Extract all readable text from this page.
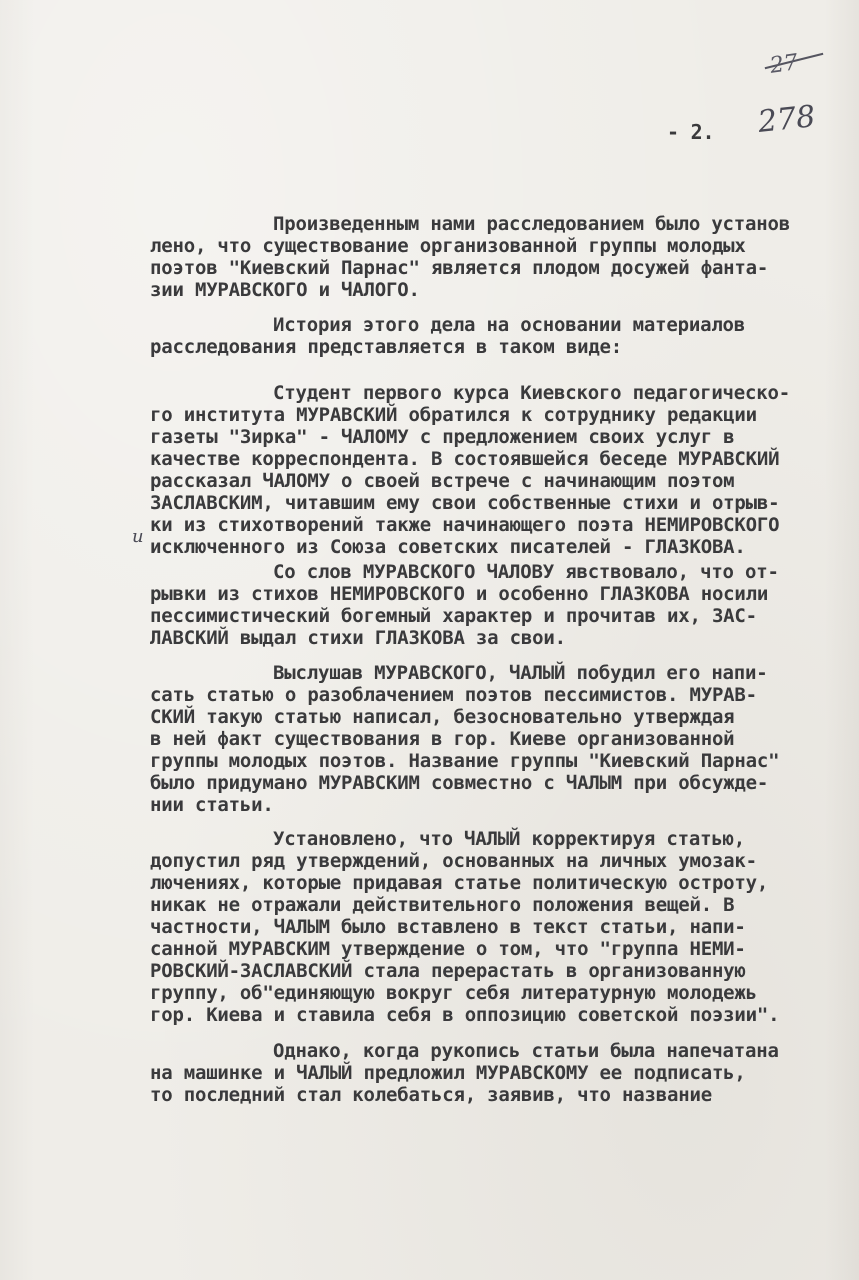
27
278
- 2.
Произведенным нами расследованием было установ
лено, что существование организованной группы молодых
поэтов "Киевский Парнас" является плодом досужей фанта-
зии МУРАВСКОГО и ЧАЛОГО.
История этого дела на основании материалов
расследования представляется в таком виде:
Студент первого курса Киевского педагогическо-
го института МУРАВСКИЙ обратился к сотруднику редакции
газеты "Зирка" - ЧАЛОМУ с предложением своих услуг в
качестве корреспондента. В состоявшейся беседе МУРАВСКИЙ
рассказал ЧАЛОМУ о своей встрече с начинающим поэтом
ЗАСЛАВСКИМ, читавшим ему свои собственные стихи и отрыв-
ки из стихотворений также начинающего поэта НЕМИРОВСКОГО
исключенного из Союза советских писателей - ГЛАЗКОВА.
Со слов МУРАВСКОГО ЧАЛОВУ явствовало, что от-
рывки из стихов НЕМИРОВСКОГО и особенно ГЛАЗКОВА носили
пессимистический богемный характер и прочитав их, ЗАС-
ЛАВСКИЙ выдал стихи ГЛАЗКОВА за свои.
Выслушав МУРАВСКОГО, ЧАЛЫЙ побудил его напи-
сать статью о разоблачением поэтов пессимистов. МУРАВ-
СКИЙ такую статью написал, безосновательно утверждая
в ней факт существования в гор. Киеве организованной
группы молодых поэтов. Название группы "Киевский Парнас"
было придумано МУРАВСКИМ совместно с ЧАЛЫМ при обсужде-
нии статьи.
Установлено, что ЧАЛЫЙ корректируя статью,
допустил ряд утверждений, основанных на личных умозак-
лючениях, которые придавая статье политическую остроту,
никак не отражали действительного положения вещей. В
частности, ЧАЛЫМ было вставлено в текст статьи, напи-
санной МУРАВСКИМ утверждение о том, что "группа НЕМИ-
РОВСКИЙ-ЗАСЛАВСКИЙ стала перерастать в организованную
группу, об"единяющую вокруг себя литературную молодежь
гор. Киева и ставила себя в оппозицию советской поэзии".
Однако, когда рукопись статьи была напечатана
на машинке и ЧАЛЫЙ предложил МУРАВСКОМУ ее подписать,
то последний стал колебаться, заявив, что название
и
